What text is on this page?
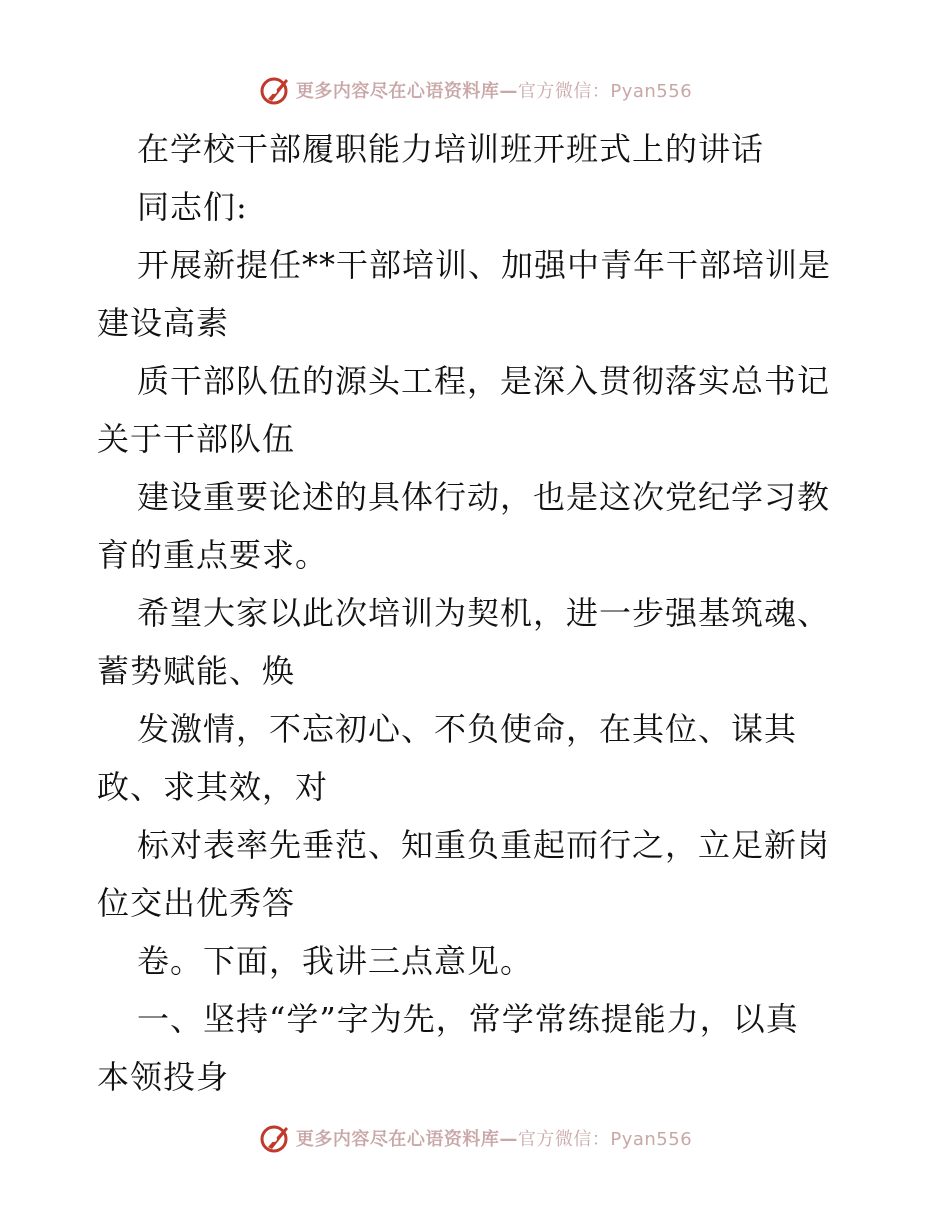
更多内容尽在心语资料库—官方微信：Pyan556
在学校干部履职能力培训班开班式上的讲话
同志们:
开展新提任**干部培训、加强中青年干部培训是
建设高素
质干部队伍的源头工程，是深入贯彻落实总书记
关于干部队伍
建设重要论述的具体行动，也是这次党纪学习教
育的重点要求。
希望大家以此次培训为契机，进一步强基筑魂、
蓄势赋能、焕
发激情，不忘初心、不负使命，在其位、谋其
政、求其效，对
标对表率先垂范、知重负重起而行之，立足新岗
位交出优秀答
卷。下面，我讲三点意见。
一、坚持“学”字为先，常学常练提能力，以真
本领投身
更多内容尽在心语资料库—官方微信：Pyan556
